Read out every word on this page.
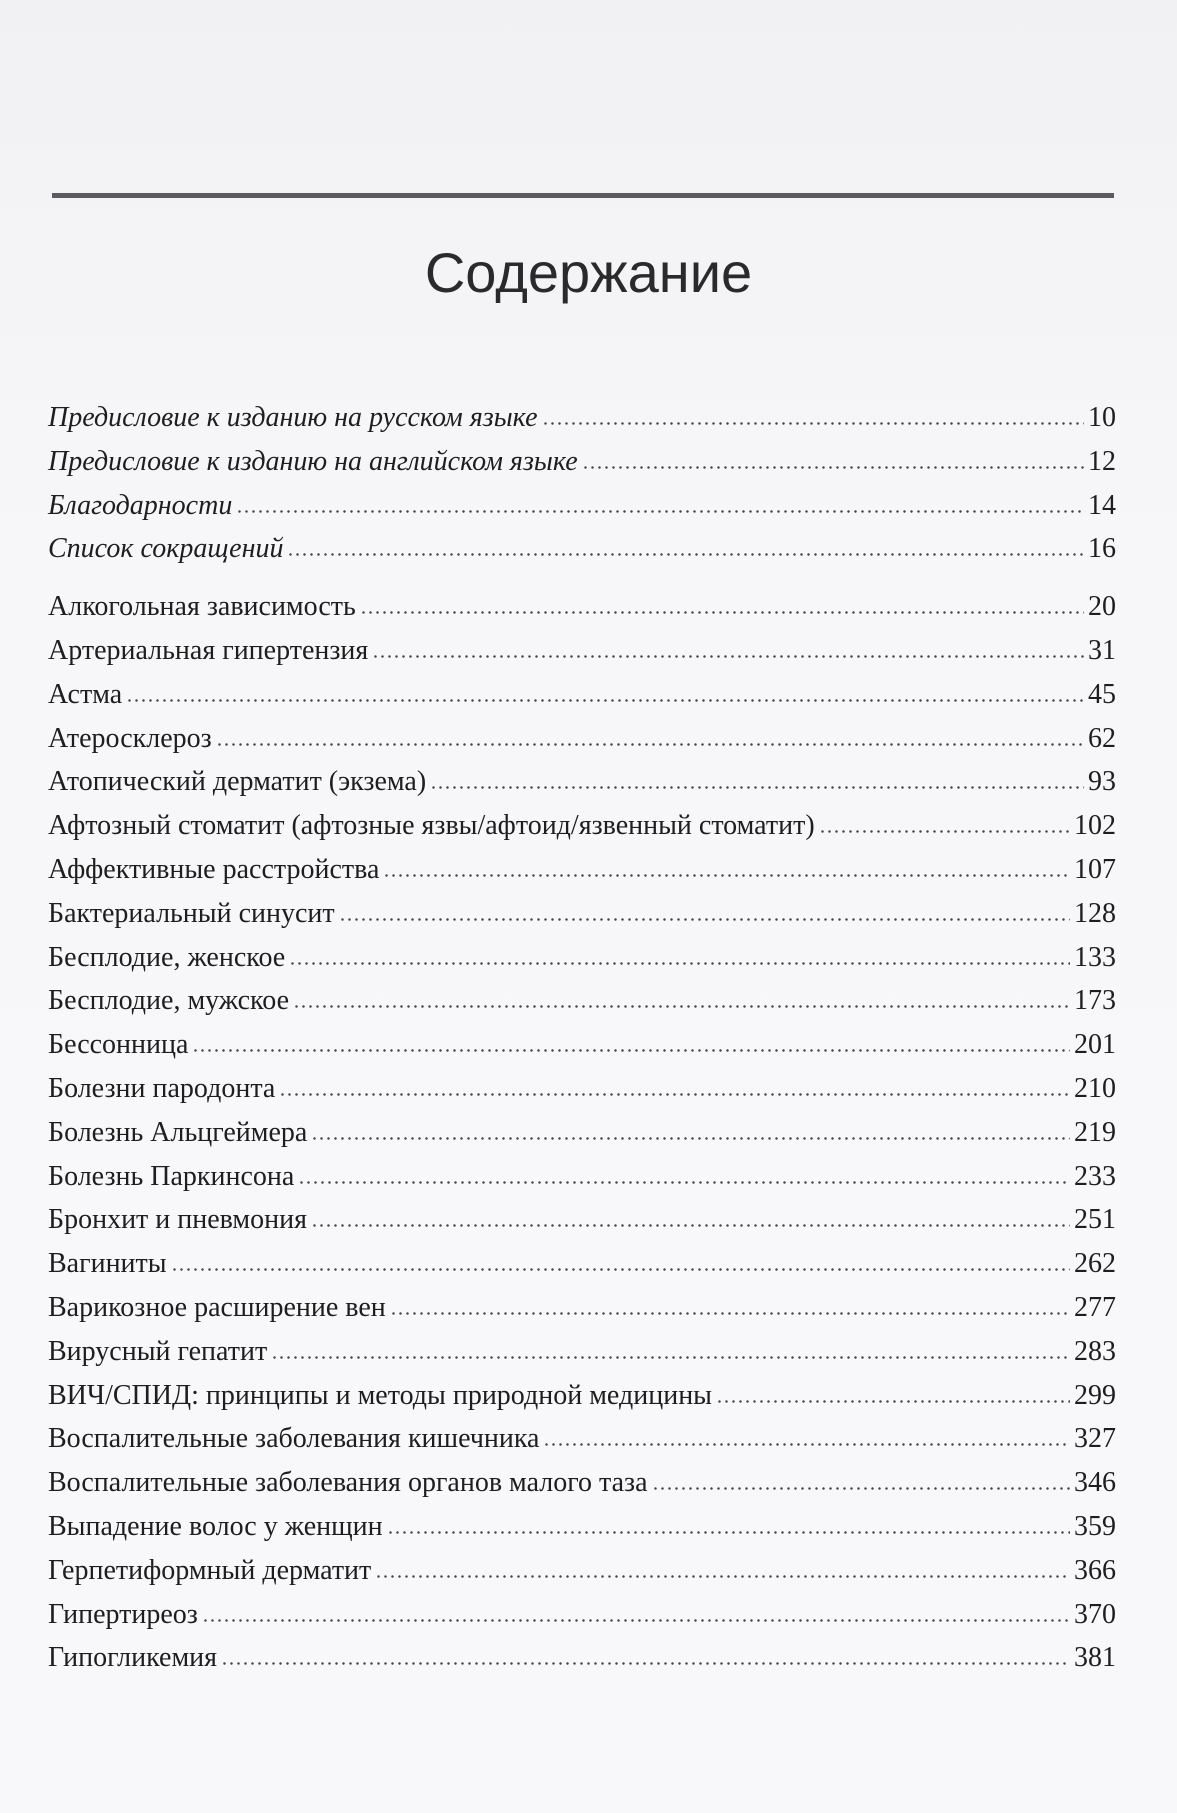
Содержание
Предисловие к изданию на русском языке	10
Предисловие к изданию на английском языке	12
Благодарности	14
Список сокращений	16
Алкогольная зависимость	20
Артериальная гипертензия	31
Астма	45
Атеросклероз	62
Атопический дерматит (экзема)	93
Афтозный стоматит (афтозные язвы/афтоид/язвенный стоматит)	102
Аффективные расстройства	107
Бактериальный синусит	128
Бесплодие, женское	133
Бесплодие, мужское	173
Бессонница	201
Болезни пародонта	210
Болезнь Альцгеймера	219
Болезнь Паркинсона	233
Бронхит и пневмония	251
Вагиниты	262
Варикозное расширение вен	277
Вирусный гепатит	283
ВИЧ/СПИД: принципы и методы природной медицины	299
Воспалительные заболевания кишечника	327
Воспалительные заболевания органов малого таза	346
Выпадение волос у женщин	359
Герпетиформный дерматит	366
Гипертиреоз	370
Гипогликемия	381
